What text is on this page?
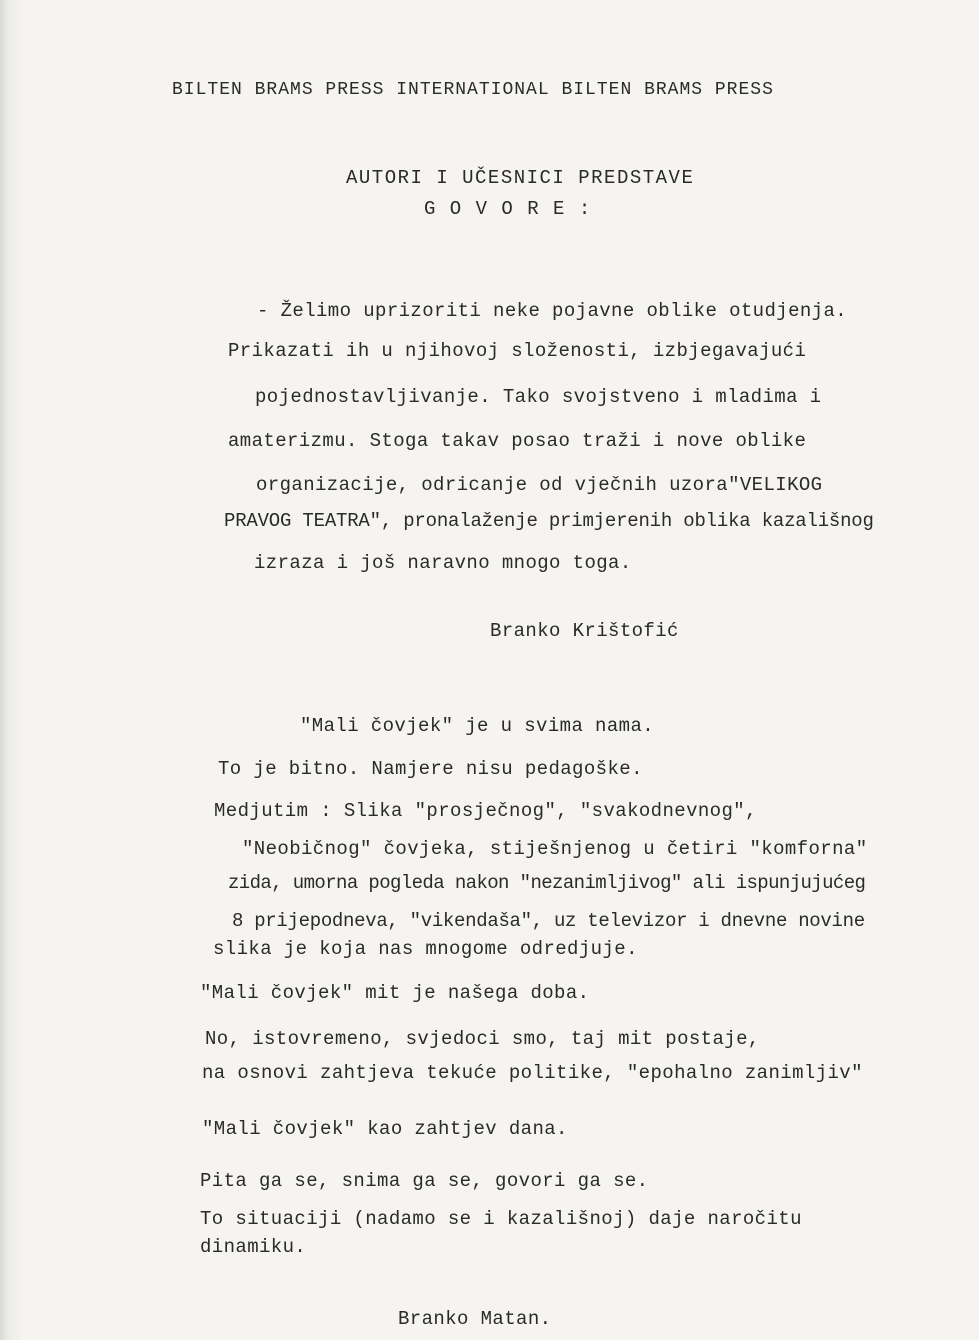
BILTEN BRAMS PRESS INTERNATIONAL BILTEN BRAMS PRESS
AUTORI I UČESNICI PREDSTAVE
G O V O R E :
- Želimo uprizoriti neke pojavne oblike otudjenja.
Prikazati ih u njihovoj složenosti, izbjegavajući
pojednostavljivanje. Tako svojstveno i mladima i
amaterizmu. Stoga takav posao traži i nove oblike
organizacije, odricanje od vječnih uzora"VELIKOG
PRAVOG TEATRA", pronalaženje primjerenih oblika kazališnog
izraza i još naravno mnogo toga.
Branko Krištofić
"Mali čovjek" je u svima nama.
To je bitno. Namjere nisu pedagoške.
Medjutim : Slika "prosječnog", "svakodnevnog",
"Neobičnog" čovjeka, stiješnjenog u četiri "komforna"
zida, umorna pogleda nakon "nezanimljivog" ali ispunjujućeg
8 prijepodneva, "vikendaša", uz televizor i dnevne novine
slika je koja nas mnogome odredjuje.
"Mali čovjek" mit je našega doba.
No, istovremeno, svjedoci smo, taj mit postaje,
na osnovi zahtjeva tekuće politike, "epohalno zanimljiv"
"Mali čovjek" kao zahtjev dana.
Pita ga se, snima ga se, govori ga se.
To situaciji (nadamo se i kazališnoj) daje naročitu
dinamiku.
Branko Matan.
